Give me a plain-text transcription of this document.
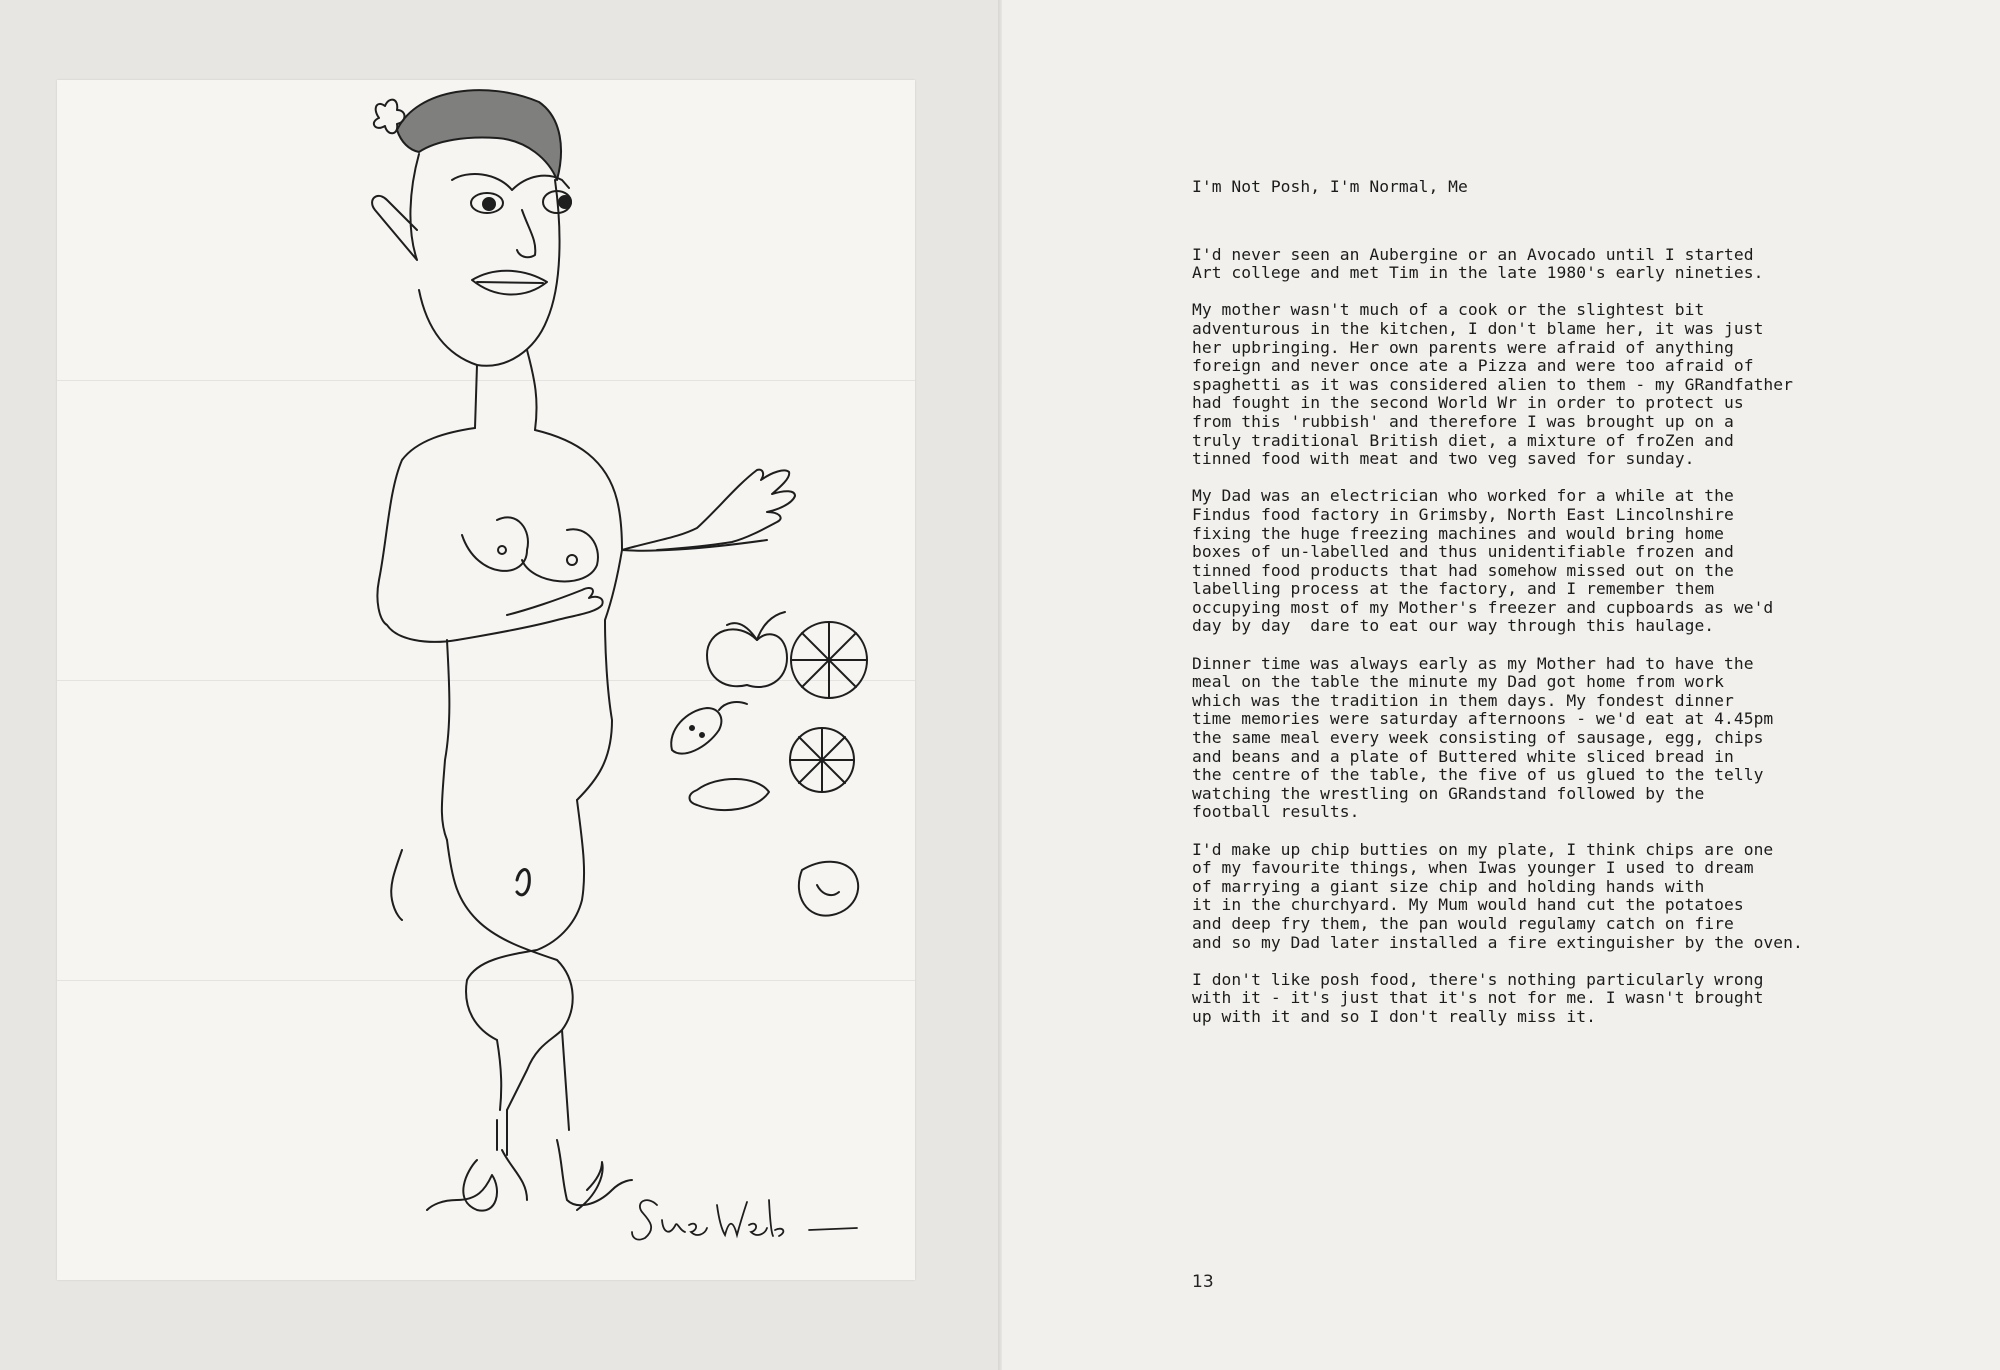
I'm Not Posh, I'm Normal, Me
I'd never seen an Aubergine or an Avocado until I started
Art college and met Tim in the late 1980's early nineties.
My mother wasn't much of a cook or the slightest bit
adventurous in the kitchen, I don't blame her, it was just
her upbringing. Her own parents were afraid of anything
foreign and never once ate a Pizza and were too afraid of
spaghetti as it was considered alien to them - my GRandfather
had fought in the second World Wr in order to protect us
from this 'rubbish' and therefore I was brought up on a
truly traditional British diet, a mixture of froZen and
tinned food with meat and two veg saved for sunday.
My Dad was an electrician who worked for a while at the
Findus food factory in Grimsby, North East Lincolnshire
fixing the huge freezing machines and would bring home
boxes of un-labelled and thus unidentifiable frozen and
tinned food products that had somehow missed out on the
labelling process at the factory, and I remember them
occupying most of my Mother's freezer and cupboards as we'd
day by day  dare to eat our way through this haulage.
Dinner time was always early as my Mother had to have the
meal on the table the minute my Dad got home from work
which was the tradition in them days. My fondest dinner
time memories were saturday afternoons - we'd eat at 4.45pm
the same meal every week consisting of sausage, egg, chips
and beans and a plate of Buttered white sliced bread in
the centre of the table, the five of us glued to the telly
watching the wrestling on GRandstand followed by the
football results.
I'd make up chip butties on my plate, I think chips are one
of my favourite things, when Iwas younger I used to dream
of marrying a giant size chip and holding hands with
it in the churchyard. My Mum would hand cut the potatoes
and deep fry them, the pan would regulamy catch on fire
and so my Dad later installed a fire extinguisher by the oven.
I don't like posh food, there's nothing particularly wrong
with it - it's just that it's not for me. I wasn't brought
up with it and so I don't really miss it.
13
